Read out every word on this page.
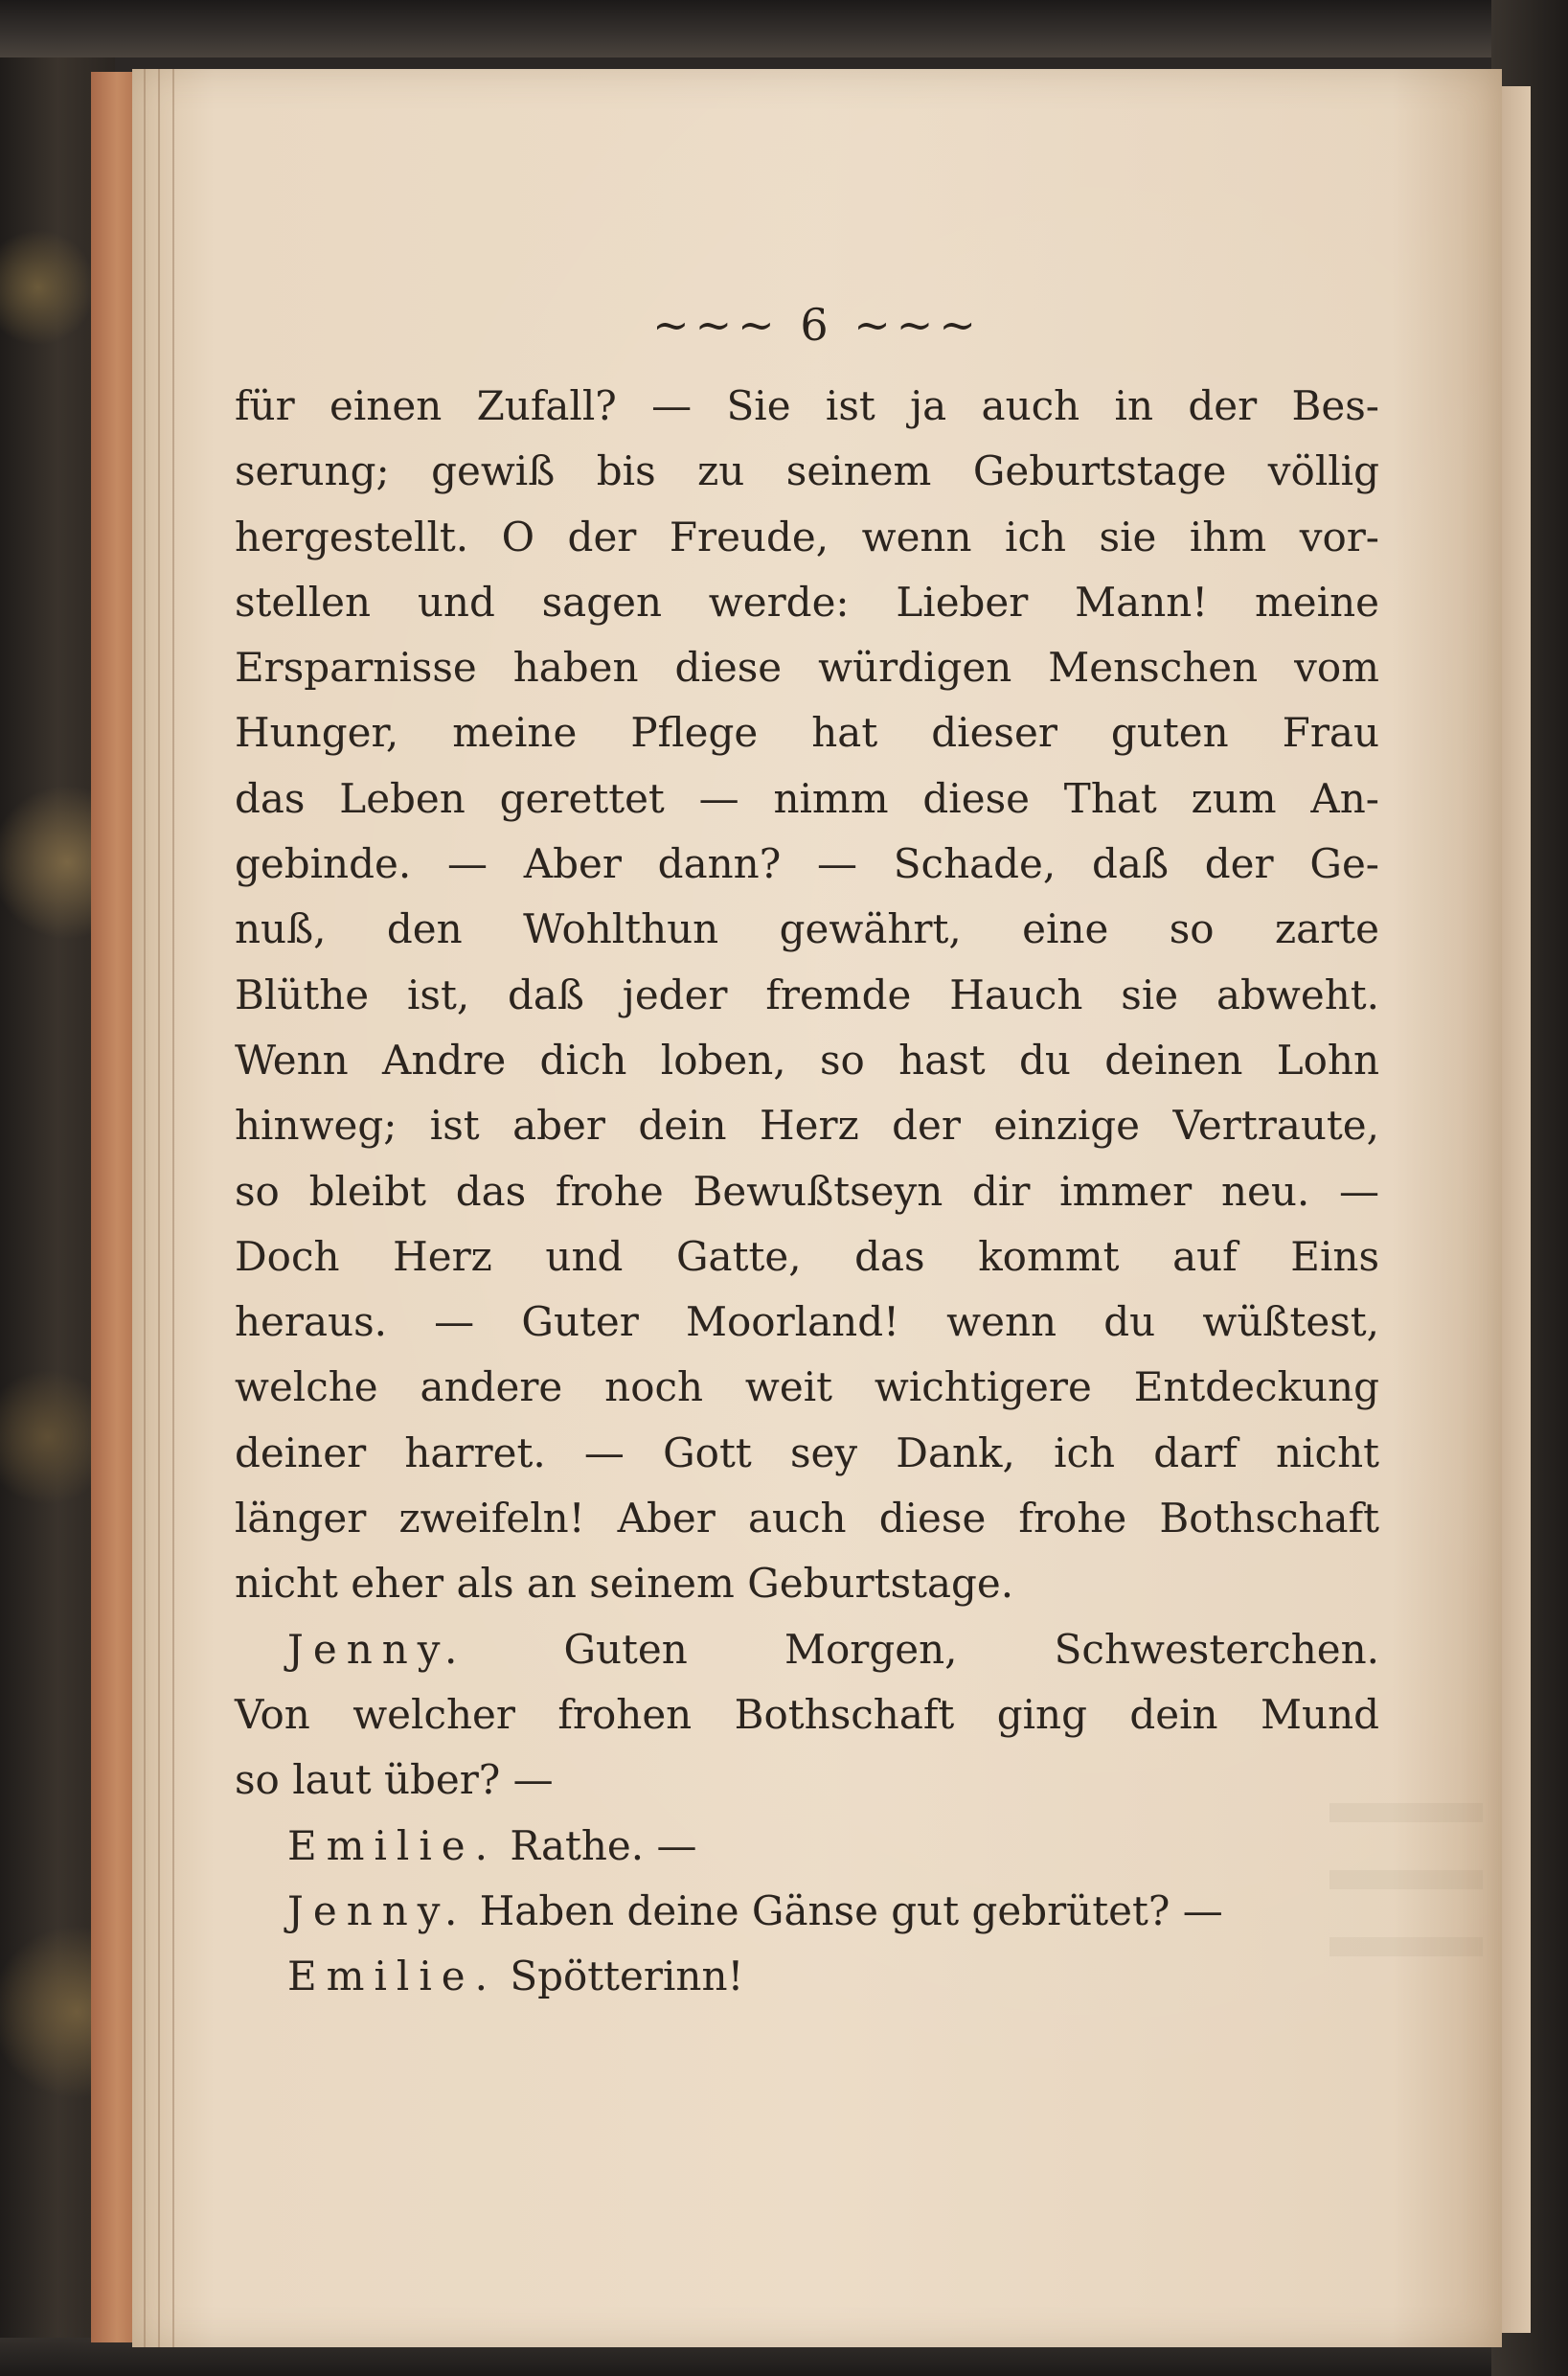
~~~ 6 ~~~
für einen Zufall? — Sie ist ja auch in der Bes-
serung; gewiß bis zu seinem Geburtstage völlig
hergestellt. O der Freude, wenn ich sie ihm vor-
stellen und sagen werde: Lieber Mann! meine
Ersparnisse haben diese würdigen Menschen vom
Hunger, meine Pflege hat dieser guten Frau
das Leben gerettet — nimm diese That zum An-
gebinde. — Aber dann? — Schade, daß der Ge-
nuß, den Wohlthun gewährt, eine so zarte
Blüthe ist, daß jeder fremde Hauch sie abweht.
Wenn Andre dich loben, so hast du deinen Lohn
hinweg; ist aber dein Herz der einzige Vertraute,
so bleibt das frohe Bewußtseyn dir immer neu. —
Doch Herz und Gatte, das kommt auf Eins
heraus. — Guter Moorland! wenn du wüßtest,
welche andere noch weit wichtigere Entdeckung
deiner harret. — Gott sey Dank, ich darf nicht
länger zweifeln! Aber auch diese frohe Bothschaft
nicht eher als an seinem Geburtstage.
Jenny. Guten Morgen, Schwesterchen.
Von welcher frohen Bothschaft ging dein Mund
so laut über? —
Emilie. Rathe. —
Jenny. Haben deine Gänse gut gebrütet? —
Emilie. Spötterinn!
